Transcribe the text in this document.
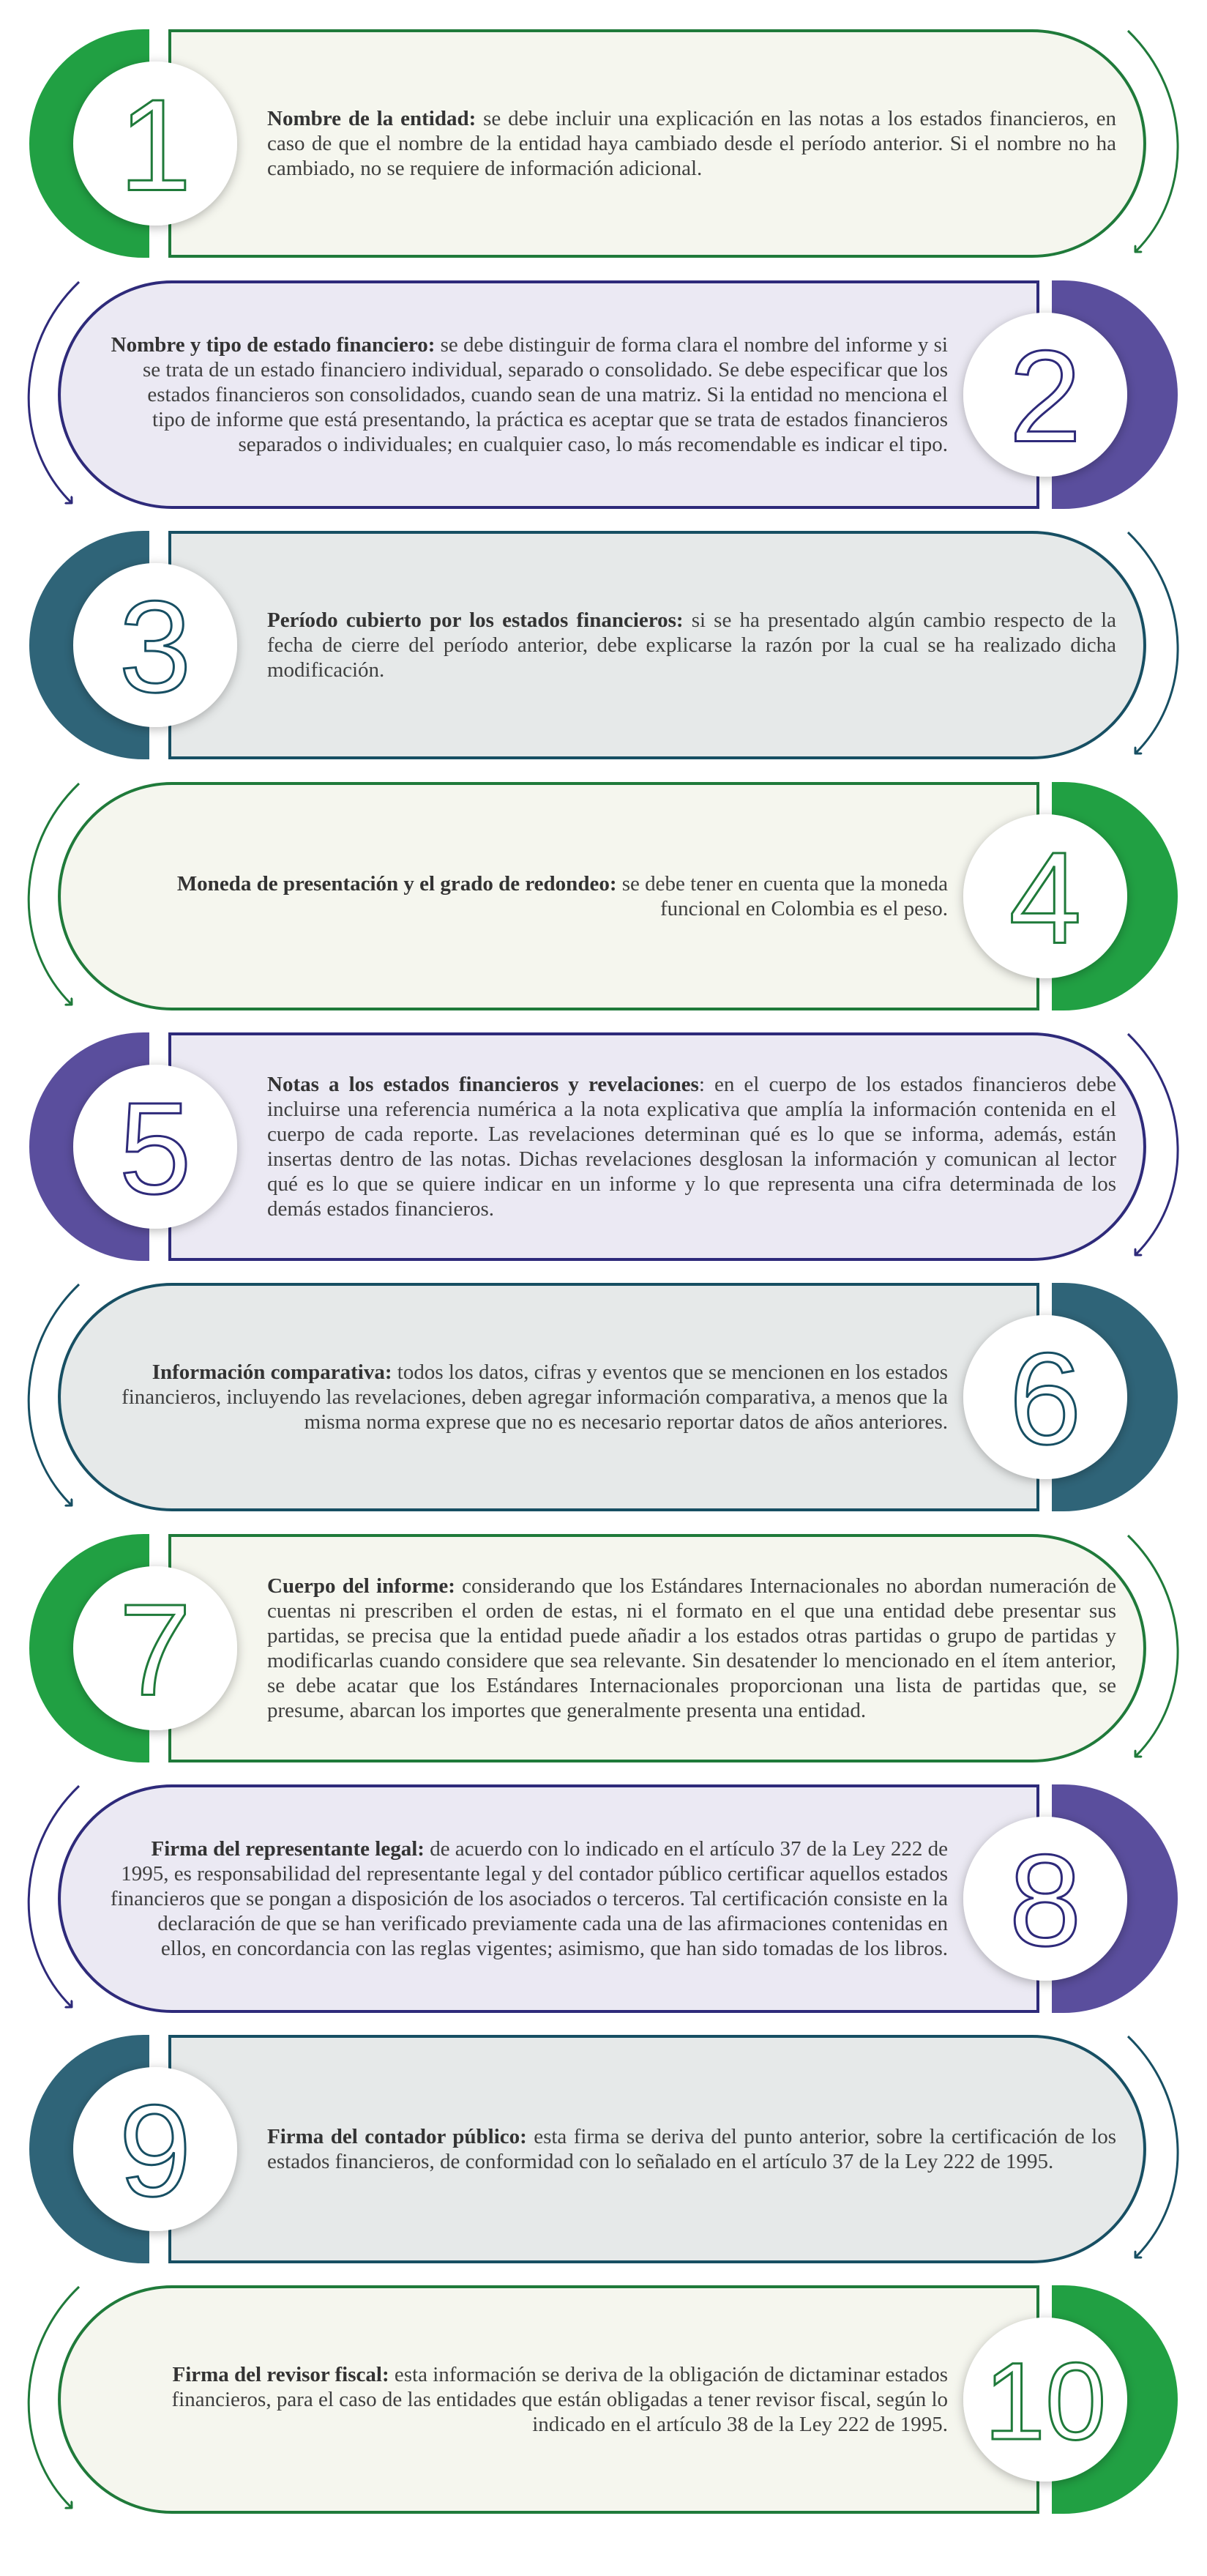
1	Nombre de la entidad: se debe incluir una explicación en las notas a los estados financieros, en caso de que el nombre de la entidad haya cambiado desde el período anterior. Si el nombre no ha cambiado, no se requiere de información adicional.

2

Nombre y tipo de estado financiero: se debe distinguir de forma clara el nombre del informe y si se trata de un estado financiero individual, separado o consolidado. Se debe especificar que los estados financieros son consolidados, cuando sean de una matriz. Si la entidad no menciona el tipo de informe que está presentando, la práctica es aceptar que se trata de estados financieros separados o individuales; en cualquier caso, lo más recomendable es indicar el tipo.

3	Período cubierto por los estados financieros: si se ha presentado algún cambio respecto de la fecha de cierre del período anterior, debe explicarse la razón por la cual se ha realizado dicha modificación.

4

Moneda de presentación y el grado de redondeo: se debe tener en cuenta que la moneda funcional en Colombia es el peso.

5	Notas a los estados financieros y revelaciones: en el cuerpo de los estados financieros debe incluirse una referencia numérica a la nota explicativa que amplía la información contenida en el cuerpo de cada reporte. Las revelaciones determinan qué es lo que se informa, además, están insertas dentro de las notas. Dichas revelaciones desglosan la información y comunican al lector qué es lo que se quiere indicar en un informe y lo que representa una cifra determinada de los demás estados financieros.

6

Información comparativa: todos los datos, cifras y eventos que se mencionen en los estados financieros, incluyendo las revelaciones, deben agregar información comparativa, a menos que la misma norma exprese que no es necesario reportar datos de años anteriores.

7	Cuerpo del informe: considerando que los Estándares Internacionales no abordan numeración de cuentas ni prescriben el orden de estas, ni el formato en el que una entidad debe presentar sus partidas, se precisa que la entidad puede añadir a los estados otras partidas o grupo de partidas y modificarlas cuando considere que sea relevante. Sin desatender lo mencionado en el ítem anterior, se debe acatar que los Estándares Internacionales proporcionan una lista de partidas que, se presume, abarcan los importes que generalmente presenta una entidad.

8

Firma del representante legal: de acuerdo con lo indicado en el artículo 37 de la Ley 222 de 1995, es responsabilidad del representante legal y del contador público certificar aquellos estados financieros que se pongan a disposición de los asociados o terceros. Tal certificación consiste en la declaración de que se han verificado previamente cada una de las afirmaciones contenidas en ellos, en concordancia con las reglas vigentes; asimismo, que han sido tomadas de los libros.

9	Firma del contador público: esta firma se deriva del punto anterior, sobre la certificación de los estados financieros, de conformidad con lo señalado en el artículo 37 de la Ley 222 de 1995.

10

Firma del revisor fiscal: esta información se deriva de la obligación de dictaminar estados financieros, para el caso de las entidades que están obligadas a tener revisor fiscal, según lo indicado en el artículo 38 de la Ley 222 de 1995.
